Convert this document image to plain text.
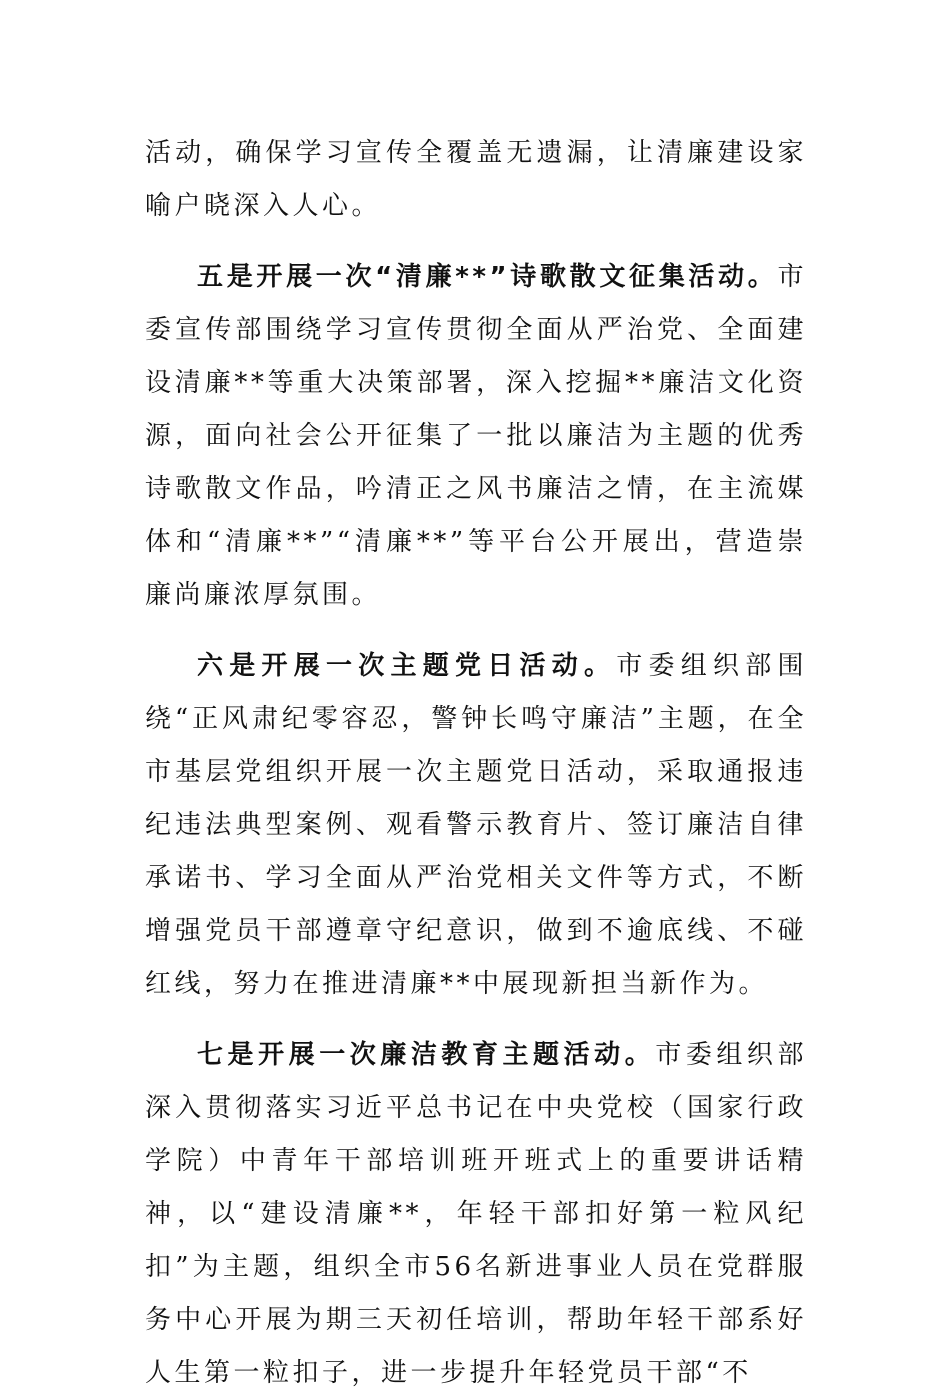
活动，确保学习宣传全覆盖无遗漏，让清廉建设家喻户晓深入人心。

五是开展一次“清廉**”诗歌散文征集活动。市委宣传部围绕学习宣传贯彻全面从严治党、全面建设清廉**等重大决策部署，深入挖掘**廉洁文化资源，面向社会公开征集了一批以廉洁为主题的优秀诗歌散文作品，吟清正之风书廉洁之情，在主流媒体和“清廉**”“清廉**”等平台公开展出，营造崇廉尚廉浓厚氛围。

六是开展一次主题党日活动。市委组织部围绕“正风肃纪零容忍，警钟长鸣守廉洁”主题，在全市基层党组织开展一次主题党日活动，采取通报违纪违法典型案例、观看警示教育片、签订廉洁自律承诺书、学习全面从严治党相关文件等方式，不断增强党员干部遵章守纪意识，做到不逾底线、不碰红线，努力在推进清廉**中展现新担当新作为。

七是开展一次廉洁教育主题活动。市委组织部深入贯彻落实习近平总书记在中央党校（国家行政学院）中青年干部培训班开班式上的重要讲话精神，以“建设清廉**，年轻干部扣好第一粒风纪扣”为主题，组织全市56名新进事业人员在党群服务中心开展为期三天初任培训，帮助年轻干部系好人生第一粒扣子，进一步提升年轻党员干部“不
